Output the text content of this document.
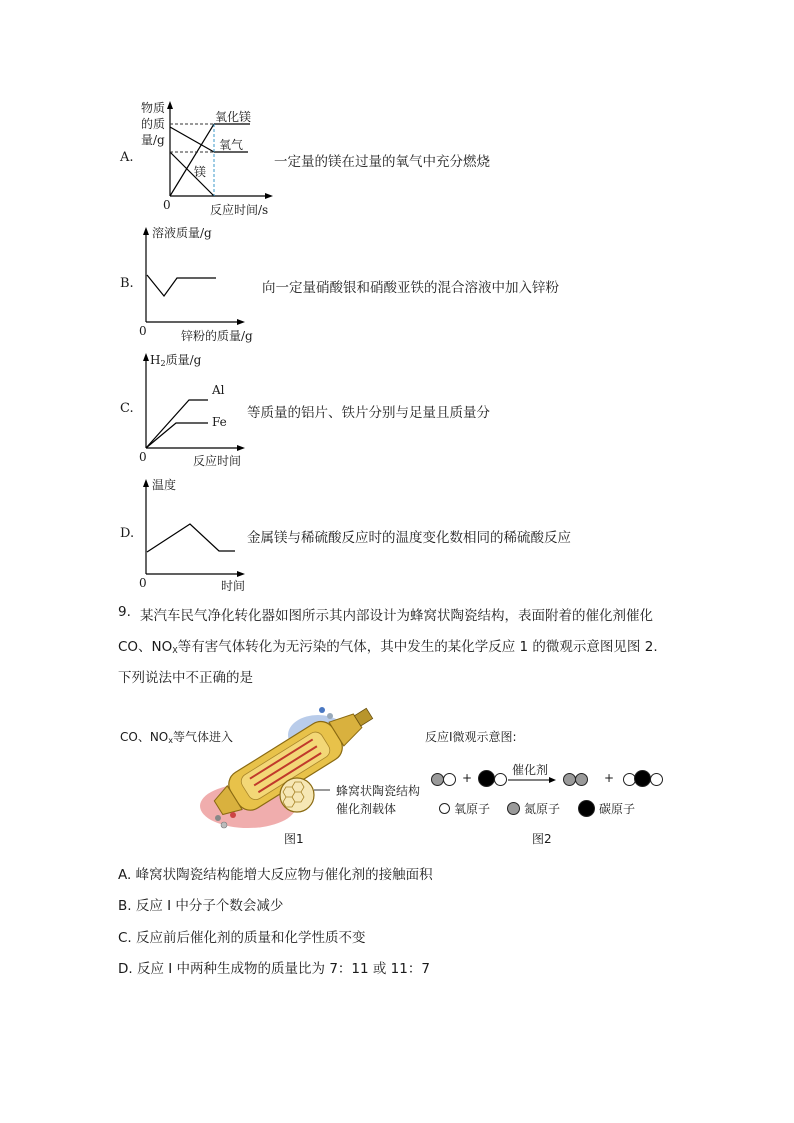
A.
物质
的质
量/g
氧化镁
氧气
镁
0	反应时间/s
一定量的镁在过量的氧气中充分燃烧
B.
溶液质量/g
0	锌粉的质量/g
向一定量硝酸银和硝酸亚铁的混合溶液中加入锌粉
C.
$H_2$质量/g
Al
Fe
0	反应时间
等质量的铝片、铁片分别与足量且质量分
D.
温度
0	时间
金属镁与稀硫酸反应时的温度变化数相同的稀硫酸反应
9. 某汽车民气净化转化器如图所示其内部设计为蜂窝状陶瓷结构，表面附着的催化剂催化
CO、$NO_X$等有害气体转化为无污染的气体，其中发生的某化学反应 1 的微观示意图见图 2.
下列说法中不正确的是
CO、$NO_x$等气体进入
蜂窝状陶瓷结构
催化剂载体
图1
反应Ⅰ微观示意图:
+
催化剂
+
氧原子	氮原子	碳原子
图2
A. 峰窝状陶瓷结构能增大反应物与催化剂的接触面积
B. 反应 I 中分子个数会减少
C. 反应前后催化剂的质量和化学性质不变
D. 反应 I 中两种生成物的质量比为 7：11 或 11：7
